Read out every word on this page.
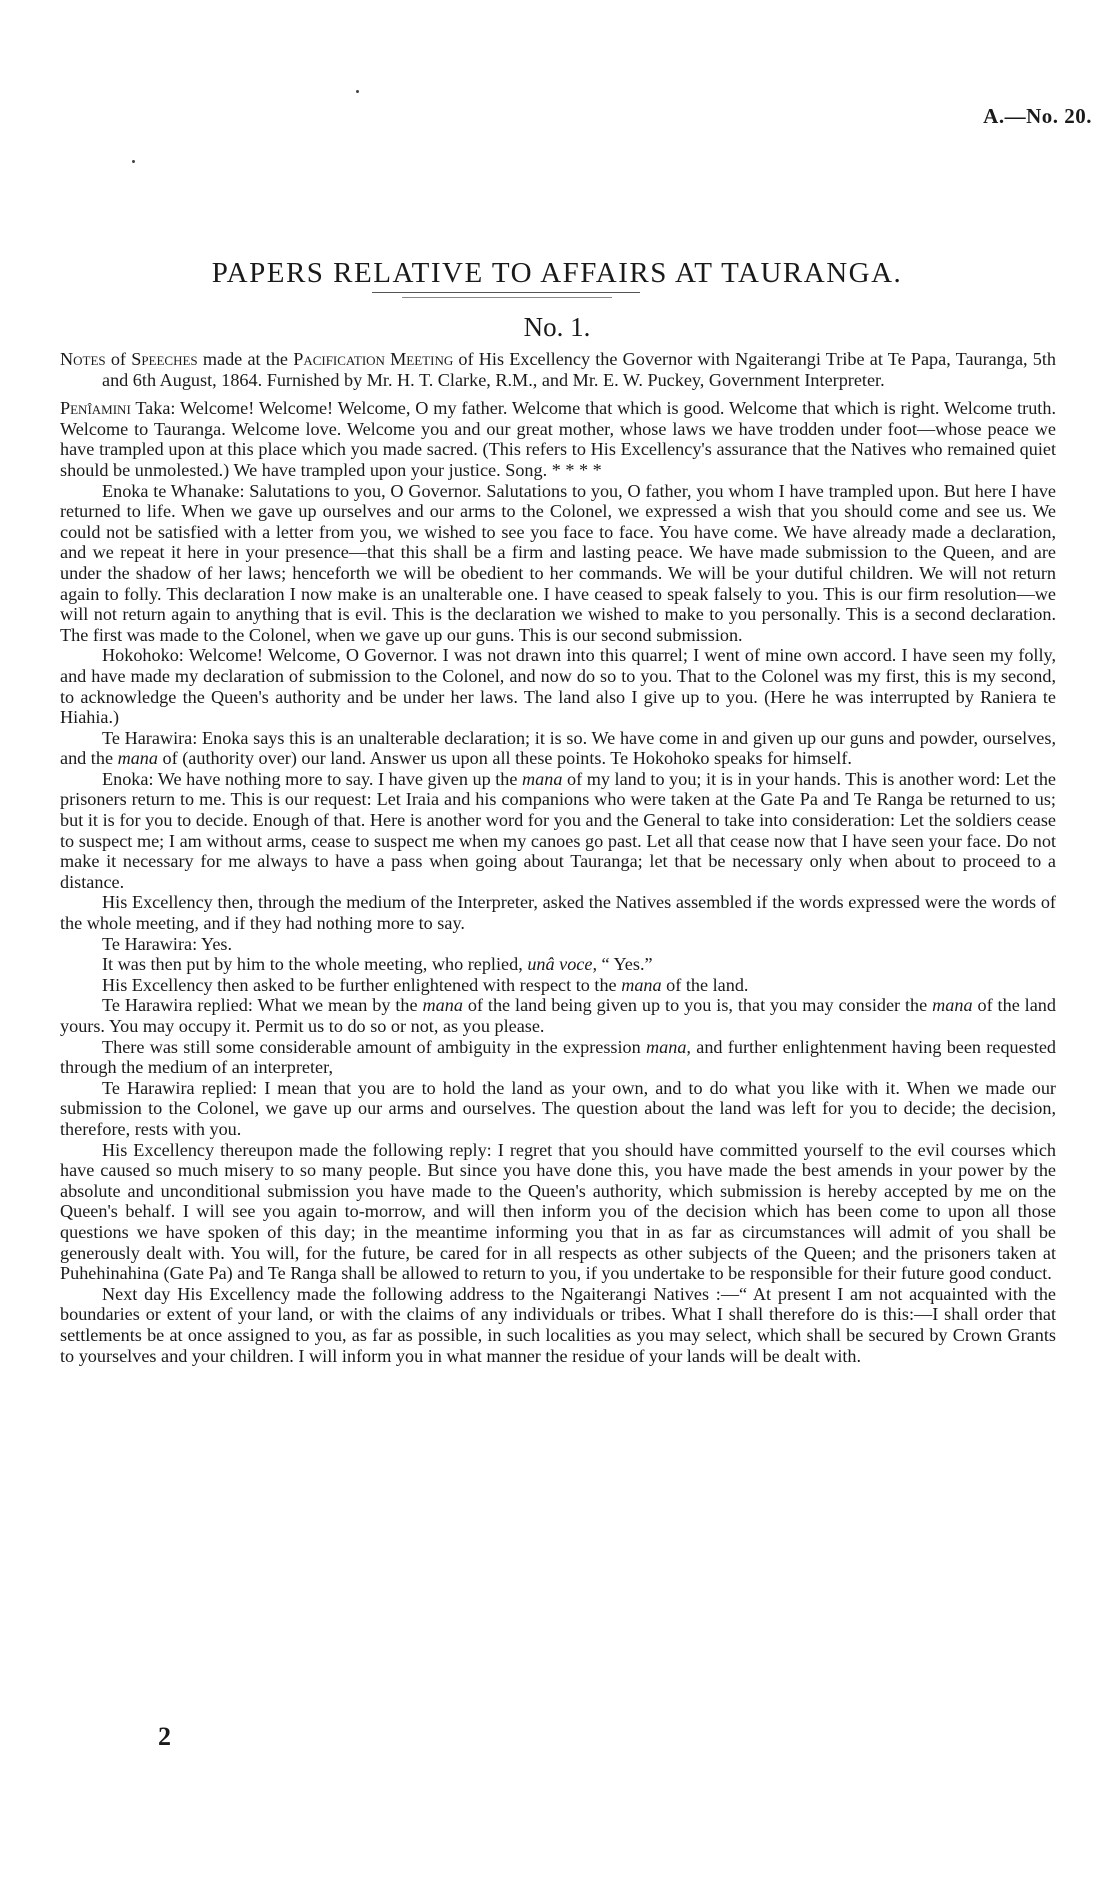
A.—No. 20.
PAPERS RELATIVE TO AFFAIRS AT TAURANGA.
No. 1.

Notes of Speeches made at the Pacification Meeting of His Excellency the Governor with Ngaiterangi Tribe at Te Papa, Tauranga, 5th and 6th August, 1864. Furnished by Mr. H. T. Clarke, R.M., and Mr. E. W. Puckey, Government Interpreter.

Penîamini Taka: Welcome! Welcome! Welcome, O my father. Welcome that which is good. Welcome that which is right. Welcome truth. Welcome to Tauranga. Welcome love. Welcome you and our great mother, whose laws we have trodden under foot—whose peace we have trampled upon at this place which you made sacred. (This refers to His Excellency's assurance that the Natives who remained quiet should be unmolested.) We have trampled upon your justice. Song. * * * *

Enoka te Whanake: Salutations to you, O Governor. Salutations to you, O father, you whom I have trampled upon. But here I have returned to life. When we gave up ourselves and our arms to the Colonel, we expressed a wish that you should come and see us. We could not be satisfied with a letter from you, we wished to see you face to face. You have come. We have already made a declaration, and we repeat it here in your presence—that this shall be a firm and lasting peace. We have made submission to the Queen, and are under the shadow of her laws; henceforth we will be obedient to her commands. We will be your dutiful children. We will not return again to folly. This declaration I now make is an unalterable one. I have ceased to speak falsely to you. This is our firm resolution—we will not return again to anything that is evil. This is the declaration we wished to make to you personally. This is a second declaration. The first was made to the Colonel, when we gave up our guns. This is our second submission.

Hokohoko: Welcome! Welcome, O Governor. I was not drawn into this quarrel; I went of mine own accord. I have seen my folly, and have made my declaration of submission to the Colonel, and now do so to you. That to the Colonel was my first, this is my second, to acknowledge the Queen's authority and be under her laws. The land also I give up to you. (Here he was interrupted by Raniera te Hiahia.)

Te Harawira: Enoka says this is an unalterable declaration; it is so. We have come in and given up our guns and powder, ourselves, and the mana of (authority over) our land. Answer us upon all these points. Te Hokohoko speaks for himself.

Enoka: We have nothing more to say. I have given up the mana of my land to you; it is in your hands. This is another word: Let the prisoners return to me. This is our request: Let Iraia and his companions who were taken at the Gate Pa and Te Ranga be returned to us; but it is for you to decide. Enough of that. Here is another word for you and the General to take into consideration: Let the soldiers cease to suspect me; I am without arms, cease to suspect me when my canoes go past. Let all that cease now that I have seen your face. Do not make it necessary for me always to have a pass when going about Tauranga; let that be necessary only when about to proceed to a distance.

His Excellency then, through the medium of the Interpreter, asked the Natives assembled if the words expressed were the words of the whole meeting, and if they had nothing more to say.

Te Harawira: Yes.

It was then put by him to the whole meeting, who replied, unâ voce, “ Yes.”

His Excellency then asked to be further enlightened with respect to the mana of the land.

Te Harawira replied: What we mean by the mana of the land being given up to you is, that you may consider the mana of the land yours. You may occupy it. Permit us to do so or not, as you please.

There was still some considerable amount of ambiguity in the expression mana, and further enlightenment having been requested through the medium of an interpreter,

Te Harawira replied: I mean that you are to hold the land as your own, and to do what you like with it. When we made our submission to the Colonel, we gave up our arms and ourselves. The question about the land was left for you to decide; the decision, therefore, rests with you.

His Excellency thereupon made the following reply: I regret that you should have committed yourself to the evil courses which have caused so much misery to so many people. But since you have done this, you have made the best amends in your power by the absolute and unconditional submission you have made to the Queen's authority, which submission is hereby accepted by me on the Queen's behalf. I will see you again to-morrow, and will then inform you of the decision which has been come to upon all those questions we have spoken of this day; in the meantime informing you that in as far as circumstances will admit of you shall be generously dealt with. You will, for the future, be cared for in all respects as other subjects of the Queen; and the prisoners taken at Puhehinahina (Gate Pa) and Te Ranga shall be allowed to return to you, if you undertake to be responsible for their future good conduct.

Next day His Excellency made the following address to the Ngaiterangi Natives :—“ At present I am not acquainted with the boundaries or extent of your land, or with the claims of any individuals or tribes. What I shall therefore do is this:—I shall order that settlements be at once assigned to you, as far as possible, in such localities as you may select, which shall be secured by Crown Grants to yourselves and your children. I will inform you in what manner the residue of your lands will be dealt with.

2
